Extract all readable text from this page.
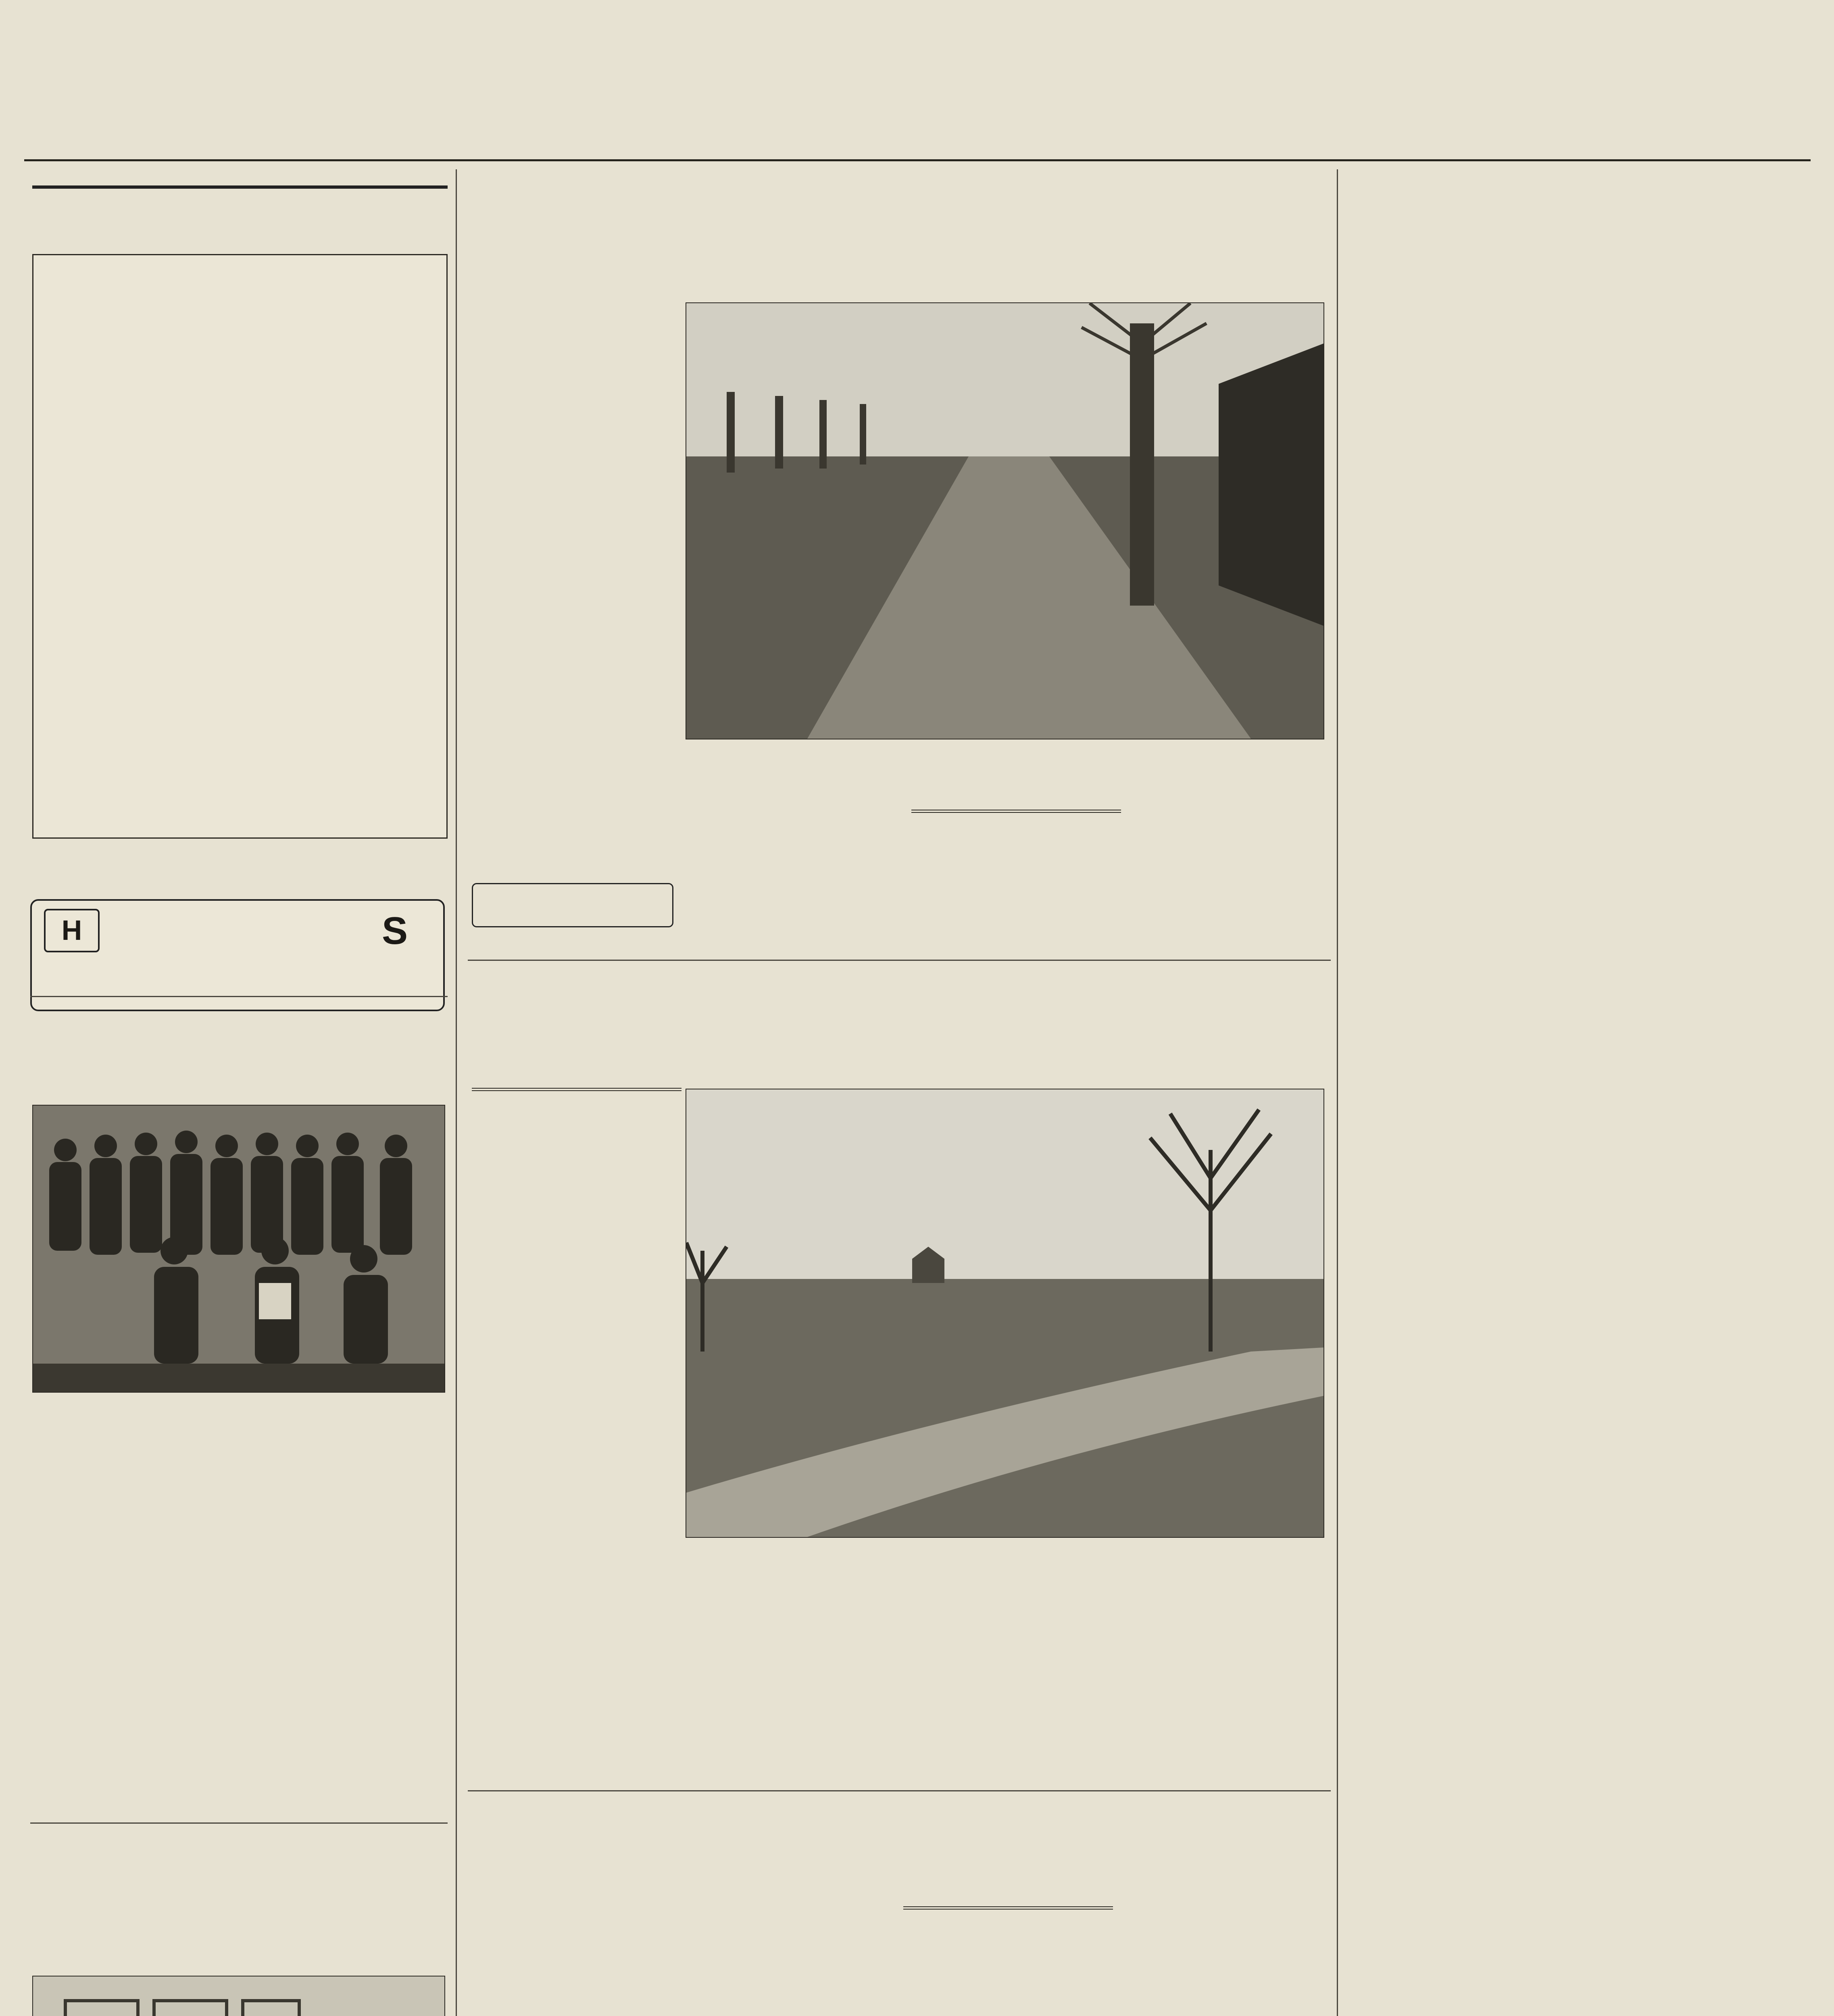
H	S
